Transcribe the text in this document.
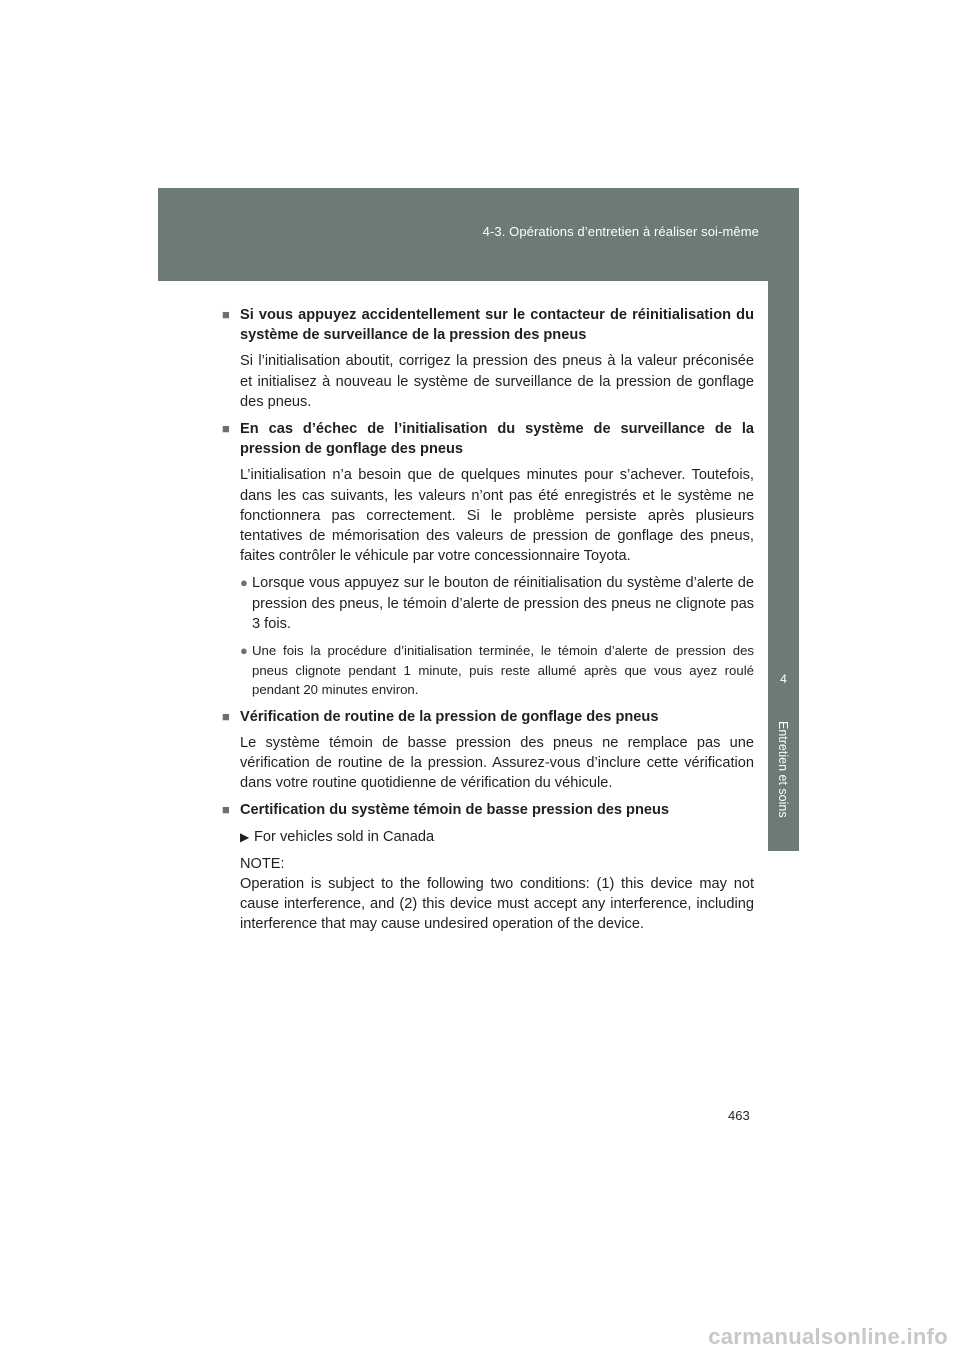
4-3. Opérations d’entretien à réaliser soi-même
4
Entretien et soins
■ Si vous appuyez accidentellement sur le contacteur de réinitialisation du système de surveillance de la pression des pneus

Si l’initialisation aboutit, corrigez la pression des pneus à la valeur préconisée et initialisez à nouveau le système de surveillance de la pression de gonflage des pneus.

■ En cas d’échec de l’initialisation du système de surveillance de la pression de gonflage des pneus

L’initialisation n’a besoin que de quelques minutes pour s’achever. Toutefois, dans les cas suivants, les valeurs n’ont pas été enregistrés et le système ne fonctionnera pas correctement. Si le problème persiste après plusieurs tentatives de mémorisation des valeurs de pression de gonflage des pneus, faites contrôler le véhicule par votre concessionnaire Toyota.

● Lorsque vous appuyez sur le bouton de réinitialisation du système d’alerte de pression des pneus, le témoin d’alerte de pression des pneus ne clignote pas 3 fois.
● Une fois la procédure d’initialisation terminée, le témoin d’alerte de pression des pneus clignote pendant 1 minute, puis reste allumé après que vous ayez roulé pendant 20 minutes environ.
■ Vérification de routine de la pression de gonflage des pneus

Le système témoin de basse pression des pneus ne remplace pas une vérification de routine de la pression. Assurez-vous d’inclure cette vérification dans votre routine quotidienne de vérification du véhicule.

■ Certification du système témoin de basse pression des pneus
▶ For vehicles sold in Canada
NOTE:
Operation is subject to the following two conditions: (1) this device may not cause interference, and (2) this device must accept any interference, including interference that may cause undesired operation of the device.
463
carmanualsonline.info
